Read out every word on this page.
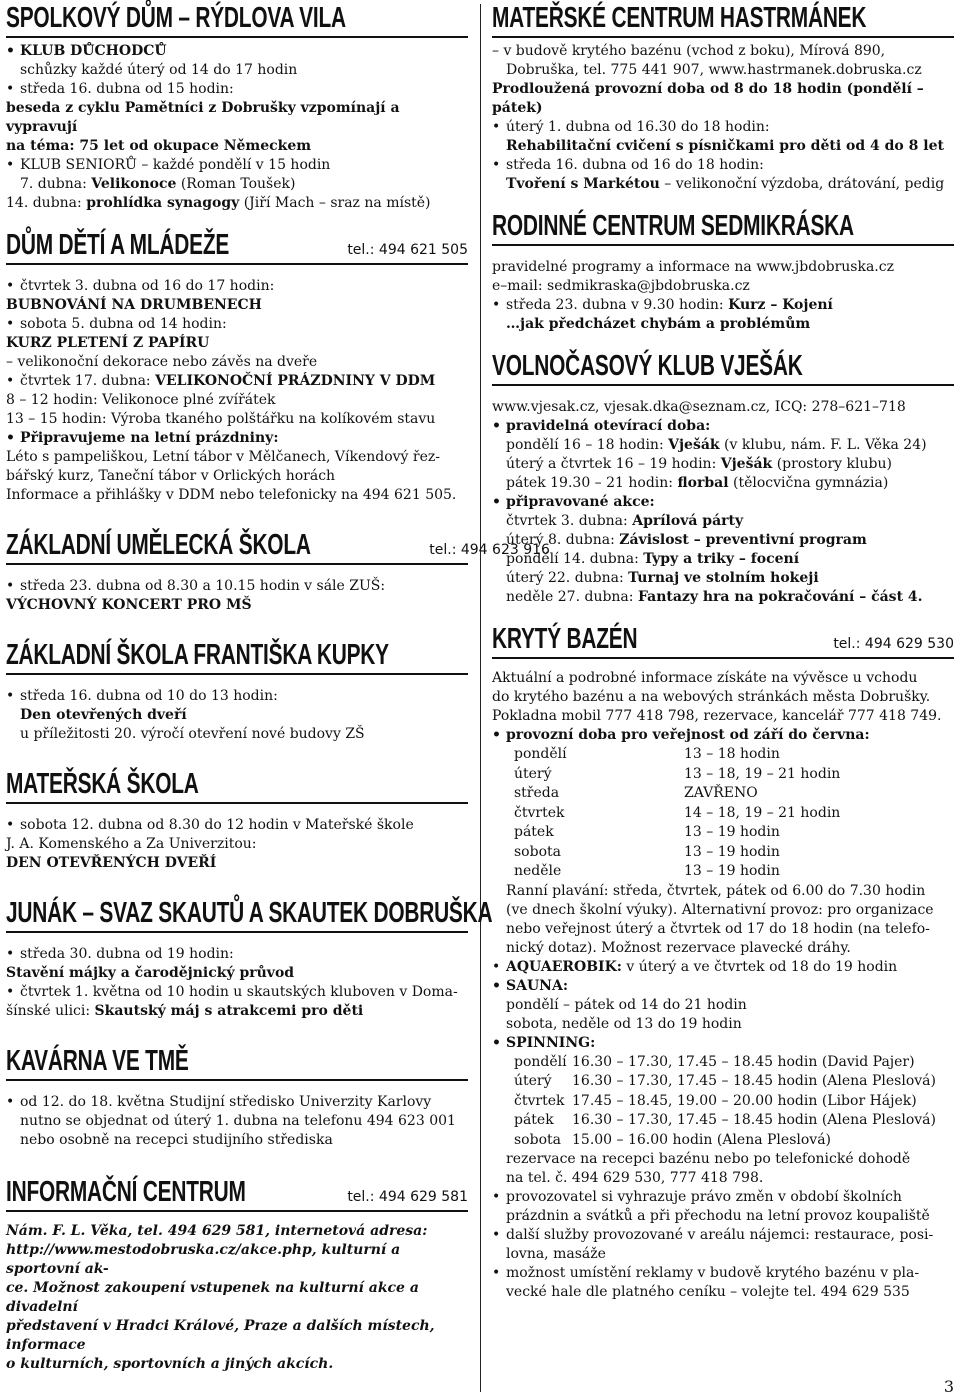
SPOLKOVÝ DŮM – RÝDLOVA VILA
• KLUB DŮCHODCŮ
schůzky každé úterý od 14 do 17 hodin
• středa 16. dubna od 15 hodin:
beseda z cyklu Pamětníci z Dobrušky vzpomínají a vypravují
na téma: 75 let od okupace Německem
• KLUB SENIORŮ – každé pondělí v 15 hodin
7. dubna: Velikonoce (Roman Toušek)
14. dubna: prohlídka synagogy (Jiří Mach – sraz na místě)
DŮM DĚTÍ A MLÁDEŽE	tel.: 494 621 505
• čtvrtek 3. dubna od 16 do 17 hodin:
BUBNOVÁNÍ NA DRUMBENECH
• sobota 5. dubna od 14 hodin:
KURZ PLETENÍ Z PAPÍRU
– velikonoční dekorace nebo závěs na dveře
• čtvrtek 17. dubna: VELIKONOČNÍ PRÁZDNINY V DDM
8 – 12 hodin: Velikonoce plné zvířátek
13 – 15 hodin: Výroba tkaného polštářku na kolíkovém stavu
• Připravujeme na letní prázdniny:
Léto s pampeliškou, Letní tábor v Mělčanech, Víkendový řez-
bářský kurz, Taneční tábor v Orlických horách
Informace a přihlášky v DDM nebo telefonicky na 494 621 505.
ZÁKLADNÍ UMĚLECKÁ ŠKOLA	tel.: 494 623 916
• středa 23. dubna od 8.30 a 10.15 hodin v sále ZUŠ:
VÝCHOVNÝ KONCERT PRO MŠ
ZÁKLADNÍ ŠKOLA FRANTIŠKA KUPKY
• středa 16. dubna od 10 do 13 hodin:
Den otevřených dveří
u příležitosti 20. výročí otevření nové budovy ZŠ
MATEŘSKÁ ŠKOLA
• sobota 12. dubna od 8.30 do 12 hodin v Mateřské škole
J. A. Komenského a Za Univerzitou:
DEN OTEVŘENÝCH DVEŘÍ
JUNÁK – SVAZ SKAUTŮ A SKAUTEK DOBRUŠKA
• středa 30. dubna od 19 hodin:
Stavění májky a čarodějnický průvod
• čtvrtek 1. května od 10 hodin u skautských kluboven v Doma-
šínské ulici: Skautský máj s atrakcemi pro děti
KAVÁRNA VE TMĚ
• od 12. do 18. května Studijní středisko Univerzity Karlovy
nutno se objednat od úterý 1. dubna na telefonu 494 623 001
nebo osobně na recepci studijního střediska
INFORMAČNÍ CENTRUM	tel.: 494 629 581
Nám. F. L. Věka, tel. 494 629 581, internetová adresa:
http://www.mestodobruska.cz/akce.php, kulturní a sportovní ak-
ce. Možnost zakoupení vstupenek na kulturní akce a divadelní
představení v Hradci Králové, Praze a dalších místech, informace
o kulturních, sportovních a jiných akcích.
MATEŘSKÉ CENTRUM HASTRMÁNEK
– v budově krytého bazénu (vchod z boku), Mírová 890,
Dobruška, tel. 775 441 907, www.hastrmanek.dobruska.cz
Prodloužená provozní doba od 8 do 18 hodin (pondělí – pátek)
• úterý 1. dubna od 16.30 do 18 hodin:
Rehabilitační cvičení s písničkami pro děti od 4 do 8 let
• středa 16. dubna od 16 do 18 hodin:
Tvoření s Markétou – velikonoční výzdoba, drátování, pedig
RODINNÉ CENTRUM SEDMIKRÁSKA
pravidelné programy a informace na www.jbdobruska.cz
e–mail: sedmikraska@jbdobruska.cz
• středa 23. dubna v 9.30 hodin: Kurz – Kojení
…jak předcházet chybám a problémům
VOLNOČASOVÝ KLUB VJEŠÁK
www.vjesak.cz, vjesak.dka@seznam.cz, ICQ: 278–621–718
• pravidelná otevírací doba:
pondělí 16 – 18 hodin: Vješák (v klubu, nám. F. L. Věka 24)
úterý a čtvrtek 16 – 19 hodin: Vješák (prostory klubu)
pátek 19.30 – 21 hodin: florbal (tělocvična gymnázia)
• připravované akce:
čtvrtek 3. dubna: Aprílová párty
úterý 8. dubna: Závislost – preventivní program
pondělí 14. dubna: Typy a triky – focení
úterý 22. dubna: Turnaj ve stolním hokeji
neděle 27. dubna: Fantazy hra na pokračování – část 4.
KRYTÝ BAZÉN	tel.: 494 629 530
Aktuální a podrobné informace získáte na vývěsce u vchodu
do krytého bazénu a na webových stránkách města Dobrušky.
Pokladna mobil 777 418 798, rezervace, kancelář 777 418 749.
• provozní doba pro veřejnost od září do června:
pondělí	13 – 18 hodin
úterý	13 – 18, 19 – 21 hodin
středa	ZAVŘENO
čtvrtek	14 – 18, 19 – 21 hodin
pátek	13 – 19 hodin
sobota	13 – 19 hodin
neděle	13 – 19 hodin
Ranní plavání: středa, čtvrtek, pátek od 6.00 do 7.30 hodin
(ve dnech školní výuky). Alternativní provoz: pro organizace
nebo veřejnost úterý a čtvrtek od 17 do 18 hodin (na telefo-
nický dotaz). Možnost rezervace plavecké dráhy.
• AQUAEROBIK: v úterý a ve čtvrtek od 18 do 19 hodin
• SAUNA:
pondělí – pátek od 14 do 21 hodin
sobota, neděle od 13 do 19 hodin
• SPINNING:
pondělí 16.30 – 17.30, 17.45 – 18.45 hodin (David Pajer)
úterý	16.30 – 17.30, 17.45 – 18.45 hodin (Alena Pleslová)
čtvrtek 17.45 – 18.45, 19.00 – 20.00 hodin (Libor Hájek)
pátek	16.30 – 17.30, 17.45 – 18.45 hodin (Alena Pleslová)
sobota 15.00 – 16.00 hodin (Alena Pleslová)
rezervace na recepci bazénu nebo po telefonické dohodě
na tel. č. 494 629 530, 777 418 798.
• provozovatel si vyhrazuje právo změn v období školních
prázdnin a svátků a při přechodu na letní provoz koupaliště
• další služby provozované v areálu nájemci: restaurace, posi-
lovna, masáže
• možnost umístění reklamy v budově krytého bazénu v pla-
vecké hale dle platného ceníku – volejte tel. 494 629 535
3
